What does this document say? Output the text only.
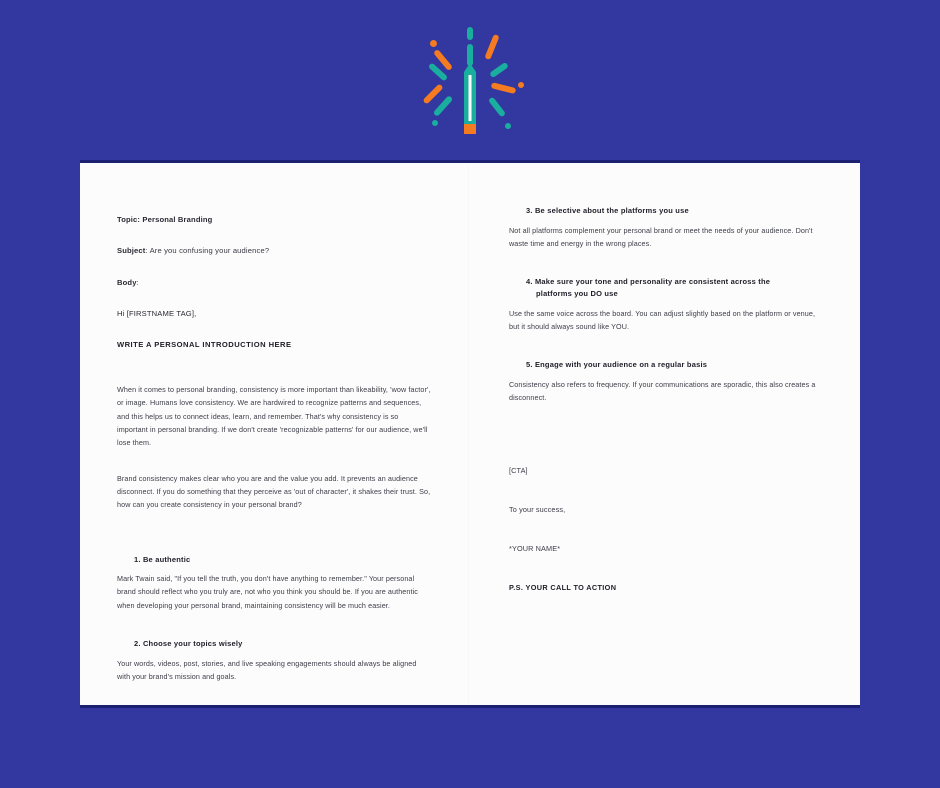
Topic: Personal Branding

Subject: Are you confusing your audience?

Body:

Hi [FIRSTNAME TAG],

WRITE A PERSONAL INTRODUCTION HERE

When it comes to personal branding, consistency is more important than likeability, 'wow factor', or image. Humans love consistency. We are hardwired to recognize patterns and sequences, and this helps us to connect ideas, learn, and remember. That's why consistency is so important in personal branding. If we don't create 'recognizable patterns' for our audience, we'll lose them.

Brand consistency makes clear who you are and the value you add. It prevents an audience disconnect. If you do something that they perceive as 'out of character', it shakes their trust. So, how can you create consistency in your personal brand?

1. Be authentic

Mark Twain said, "If you tell the truth, you don't have anything to remember." Your personal brand should reflect who you truly are, not who you think you should be. If you are authentic when developing your personal brand, maintaining consistency will be much easier.

2. Choose your topics wisely

Your words, videos, post, stories, and live speaking engagements should always be aligned with your brand's mission and goals.

3. Be selective about the platforms you use

Not all platforms complement your personal brand or meet the needs of your audience. Don't waste time and energy in the wrong places.

4. Make sure your tone and personality are consistent across the
platforms you DO use

Use the same voice across the board. You can adjust slightly based on the platform or venue, but it should always sound like YOU.

5. Engage with your audience on a regular basis

Consistency also refers to frequency. If your communications are sporadic, this also creates a disconnect.

[CTA]

To your success,

*YOUR NAME*

P.S. YOUR CALL TO ACTION
